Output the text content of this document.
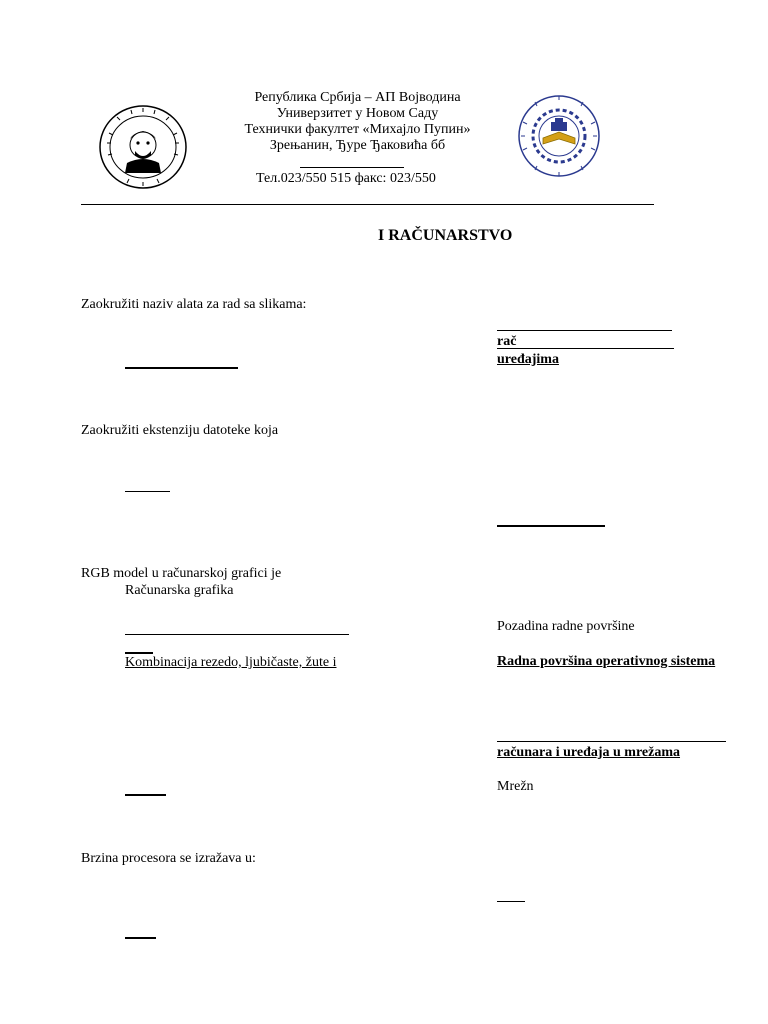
Република Србија – АП Војводина
Универзитет у Новом Саду
Технички факултет «Михајло Пупин»
Зрењанин, Ђуре Ђаковића бб
Тел.023/550 515 факс: 023/550
I RAČUNARSTVO
Zaokružiti naziv alata za rad sa slikama:
Zaokružiti ekstenziju datoteke koja
RGB model u računarskoj grafici je
Računarska grafika
Kombinacija rezedo, ljubičaste, žute i
Brzina procesora se izražava u:
rač
uređajima
Pozadina radne površine
Radna površina operativnog sistema
računara i uređaja u mrežama
Mrežn
